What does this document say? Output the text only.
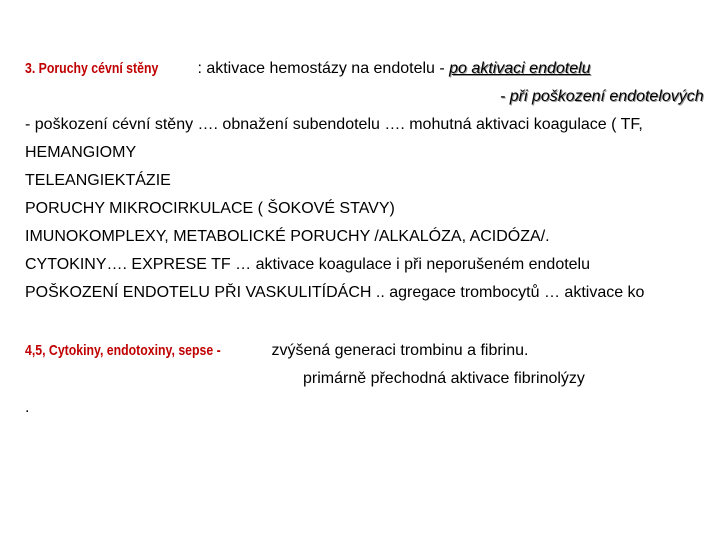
3. Poruchy cévní stěny : aktivace hemostázy na endotelu - po aktivaci endotelu
- při poškození endotelových
- poškození cévní stěny …. obnažení subendotelu …. mohutná aktivaci koagulace ( TF,
HEMANGIOMY
TELEANGIEKTÁZIE
PORUCHY MIKROCIRKULACE ( ŠOKOVÉ STAVY)
IMUNOKOMPLEXY, METABOLICKÉ PORUCHY /ALKALÓZA, ACIDÓZA/.
CYTOKINY…. EXPRESE TF … aktivace koagulace i při neporušeném endotelu
POŠKOZENÍ ENDOTELU PŘI VASKULITÍDÁCH .. agregace trombocytů … aktivace ko
4,5, Cytokiny, endotoxiny, sepse -	zvýšená generaci trombinu a fibrinu.
primárně přechodná aktivace fibrinolýzy
.
